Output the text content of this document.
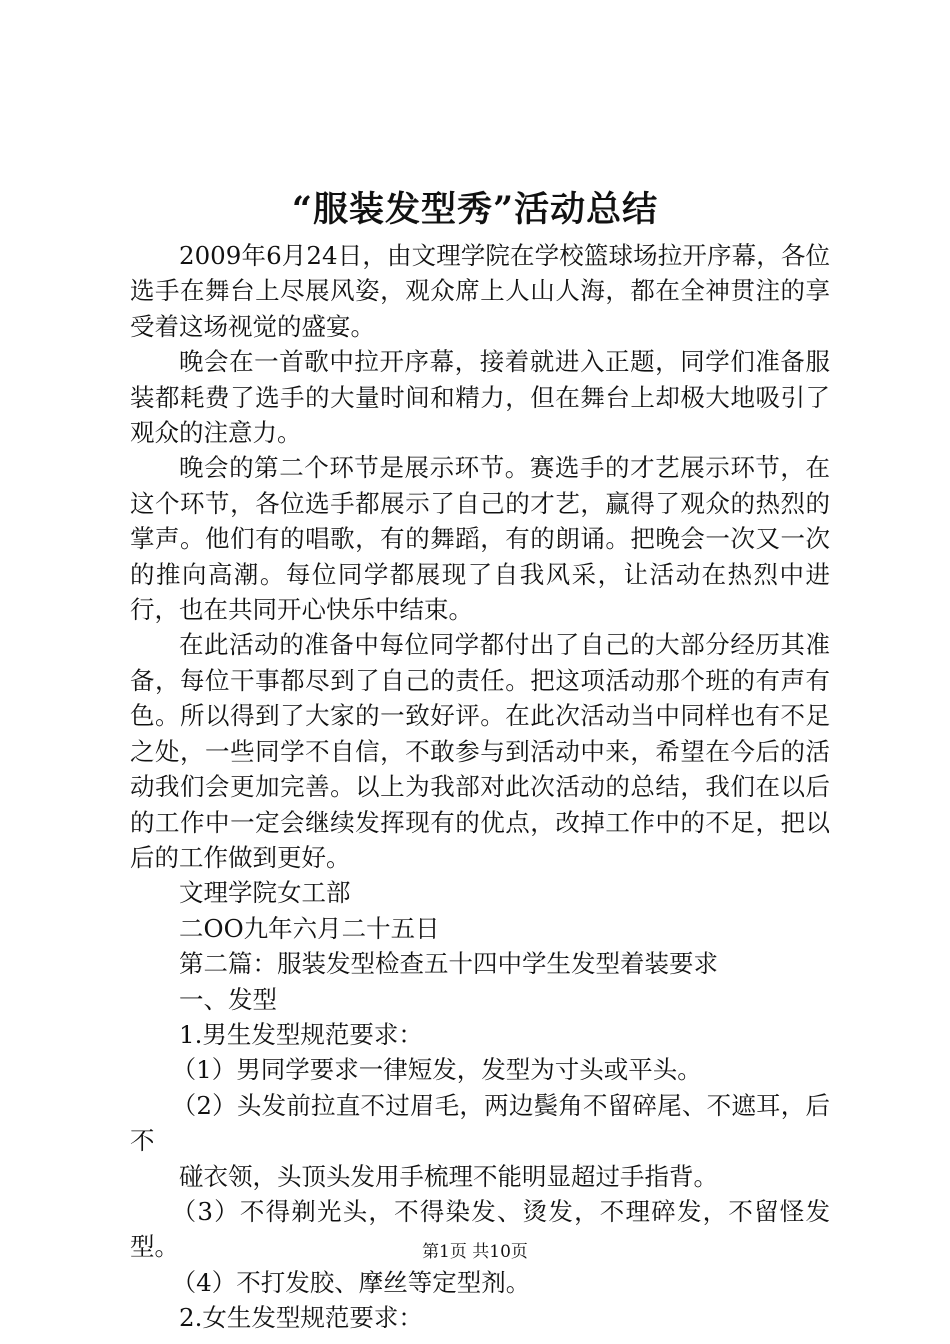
“服装发型秀”活动总结

2009年6月24日，由文理学院在学校篮球场拉开序幕，各位选手在舞台上尽展风姿，观众席上人山人海，都在全神贯注的享受着这场视觉的盛宴。

晚会在一首歌中拉开序幕，接着就进入正题，同学们准备服装都耗费了选手的大量时间和精力，但在舞台上却极大地吸引了观众的注意力。

晚会的第二个环节是展示环节。赛选手的才艺展示环节，在这个环节，各位选手都展示了自己的才艺，赢得了观众的热烈的掌声。他们有的唱歌，有的舞蹈，有的朗诵。把晚会一次又一次的推向高潮。每位同学都展现了自我风采，让活动在热烈中进行，也在共同开心快乐中结束。

在此活动的准备中每位同学都付出了自己的大部分经历其准备，每位干事都尽到了自己的责任。把这项活动那个班的有声有色。所以得到了大家的一致好评。在此次活动当中同样也有不足之处，一些同学不自信，不敢参与到活动中来，希望在今后的活动我们会更加完善。以上为我部对此次活动的总结，我们在以后的工作中一定会继续发挥现有的优点，改掉工作中的不足，把以后的工作做到更好。

文理学院女工部

二OO九年六月二十五日

第二篇：服装发型检查五十四中学生发型着装要求

一、发型

1.男生发型规范要求：

（1）男同学要求一律短发，发型为寸头或平头。

（2）头发前拉直不过眉毛，两边鬓角不留碎尾、不遮耳，后不

碰衣领，头顶头发用手梳理不能明显超过手指背。

（3）不得剃光头，不得染发、烫发，不理碎发，不留怪发型。

（4）不打发胶、摩丝等定型剂。

2.女生发型规范要求：

第1页 共10页
